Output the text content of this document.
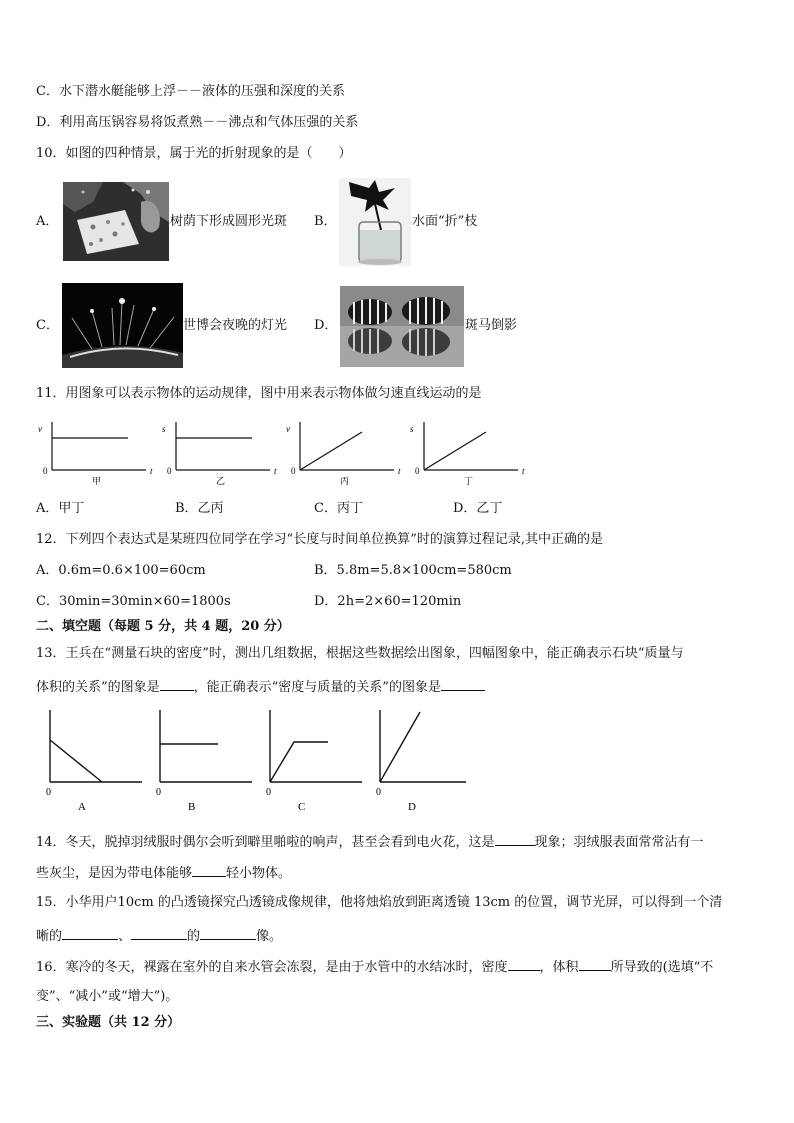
C．水下潜水艇能够上浮－－液体的压强和深度的关系
D．利用高压锅容易将饭煮熟－－沸点和气体压强的关系
10．如图的四种情景，属于光的折射现象的是（　　）
A．	树荫下形成圆形光斑 B．	水面“折”枝
C．	世博会夜晚的灯光 D．	斑马倒影
11．用图象可以表示物体的运动规律，图中用来表示物体做匀速直线运动的是
v
t
0
甲
s
t
0
乙
v
t
0
丙
s
t
0
丁
A．甲丁	B．乙丙	C．丙丁	D．乙丁
12．下列四个表达式是某班四位同学在学习“长度与时间单位换算”时的演算过程记录,其中正确的是
A．0.6m=0.6×100=60cm	B．5.8m=5.8×100cm=580cm
C．30min=30min×60=1800s	D．2h=2×60=120min
二、填空题（每题 5 分，共 4 题，20 分）
13．王兵在“测量石块的密度”时，测出几组数据，根据这些数据绘出图象，四幅图象中，能正确表示石块“质量与
体积的关系”的图象是	，能正确表示“密度与质量的关系”的图象是
0
A
0
B
0
C
0
D
14．冬天，脱掉羽绒服时偶尔会听到噼里啪啦的响声，甚至会看到电火花，这是	现象；羽绒服表面常常沾有一
些灰尘，是因为带电体能够	轻小物体。
15．小华用户10cm 的凸透镜探究凸透镜成像规律，他将烛焰放到距离透镜 13cm 的位置，调节光屏，可以得到一个清
晰的	、	的	像。
16．寒冷的冬天，裸露在室外的自来水管会冻裂，是由于水管中的水结冰时，密度 ，体积 所导致的(选填“不
变”、“减小”或“增大”)。
三、实验题（共 12 分）
